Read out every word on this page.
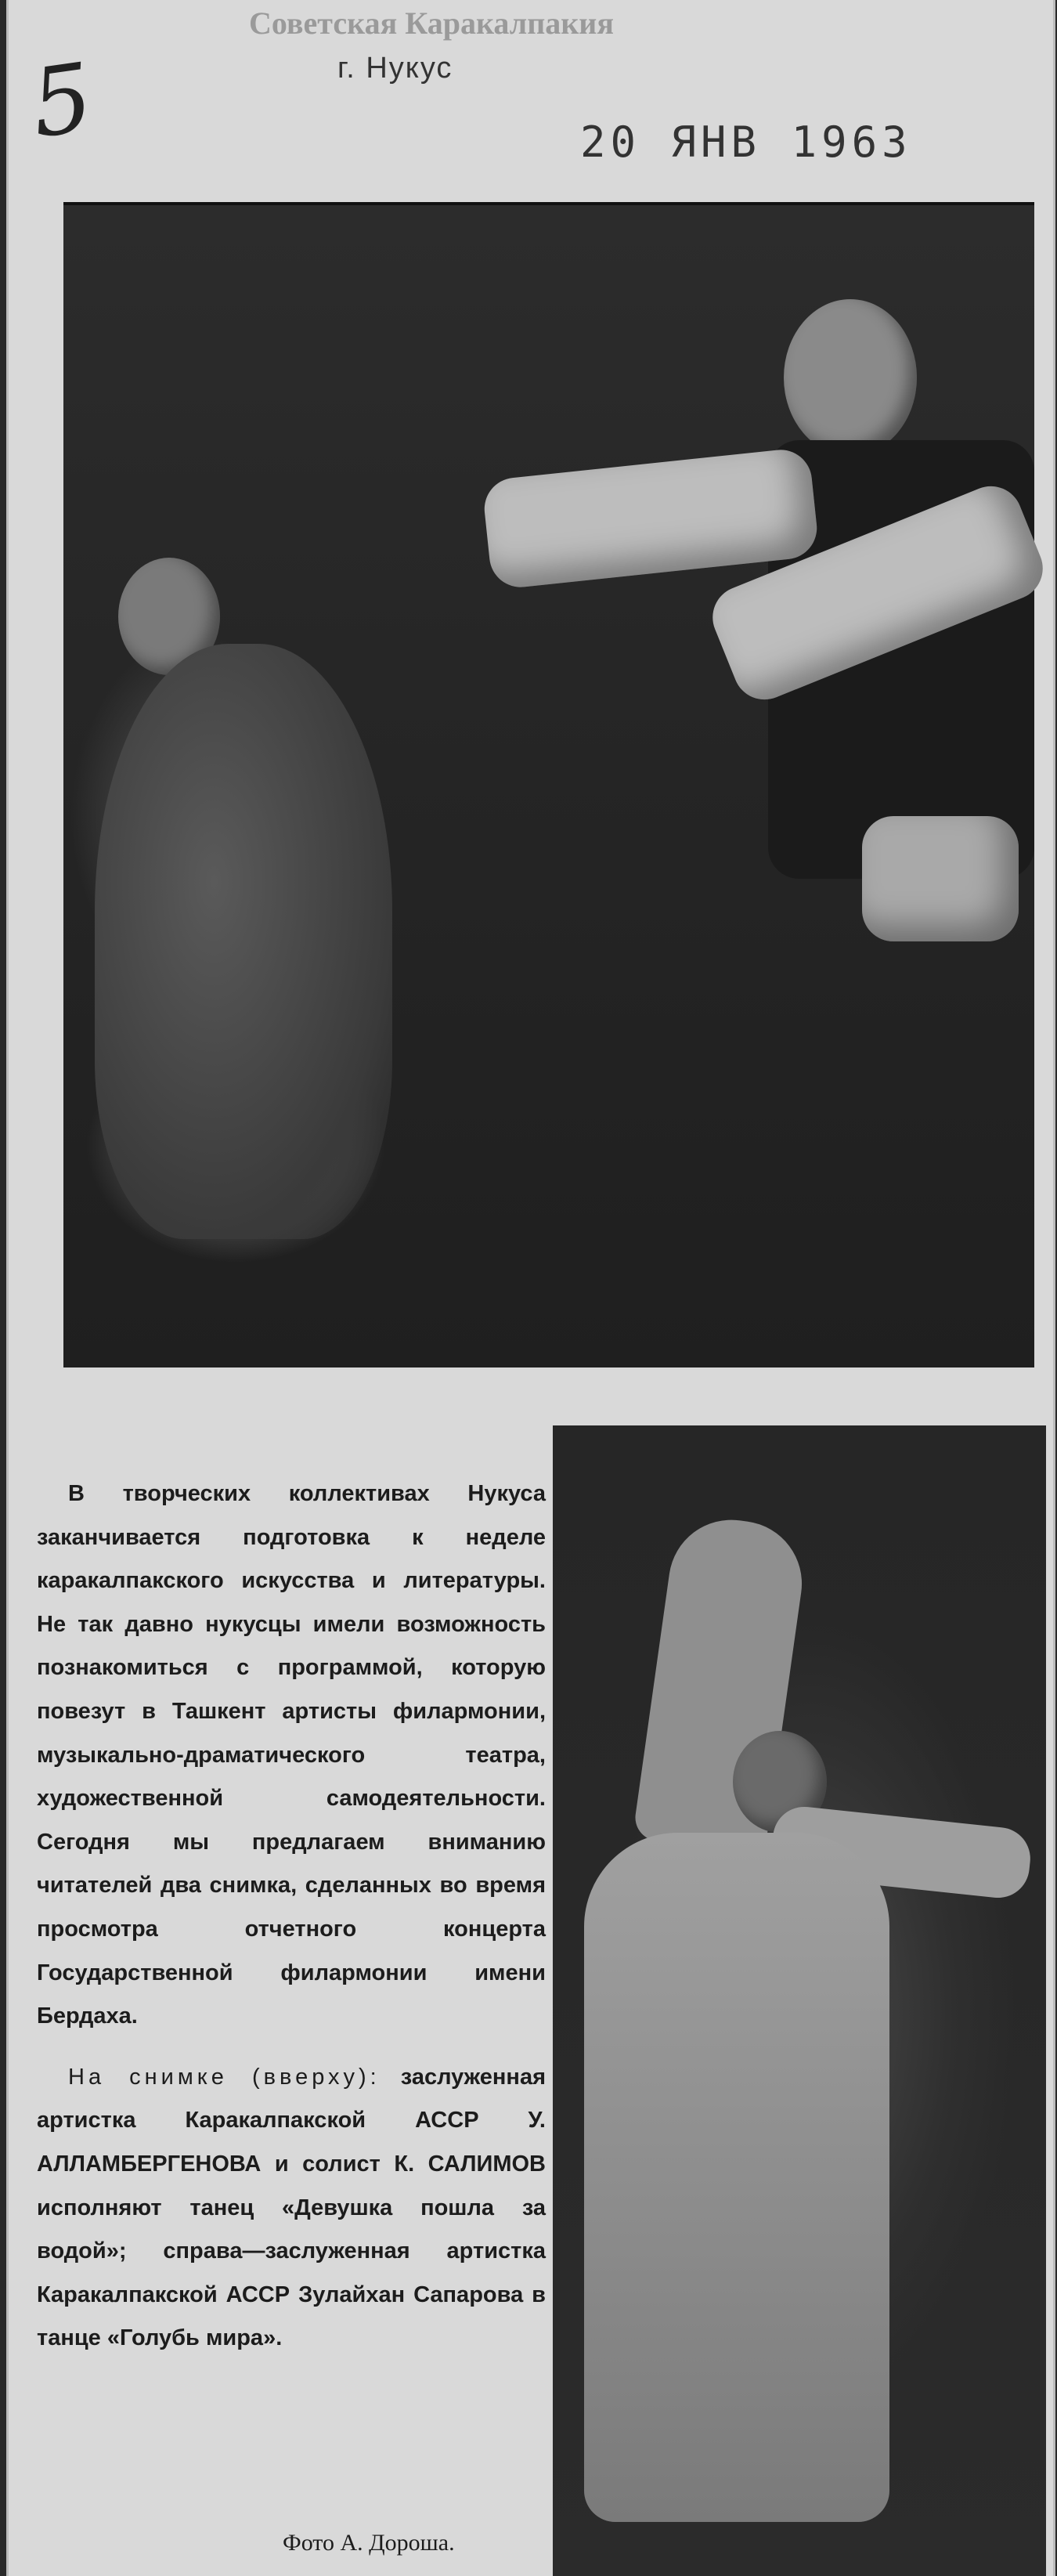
Советская Каракалпакия
г. Нукус
5	20 ЯНВ 1963

В творческих коллективах Нукуса заканчивается подготовка к неделе каракалпакского искусства и литературы. Не так давно нукусцы имели возможность познакомиться с программой, которую повезут в Ташкент артисты филармонии, музыкально-драматического театра, художественной самодеятельности. Сегодня мы предлагаем вниманию читателей два снимка, сделанных во время просмотра отчетного концерта Государственной филармонии имени Бердаха.

На снимке (вверху): заслуженная артистка Каракалпакской АССР У. АЛЛАМБЕРГЕНОВА и солист К. САЛИМОВ исполняют танец «Девушка пошла за водой»; справа—заслуженная артистка Каракалпакской АССР Зулайхан Сапарова в танце «Голубь мира».

Фото А. Дороша.
